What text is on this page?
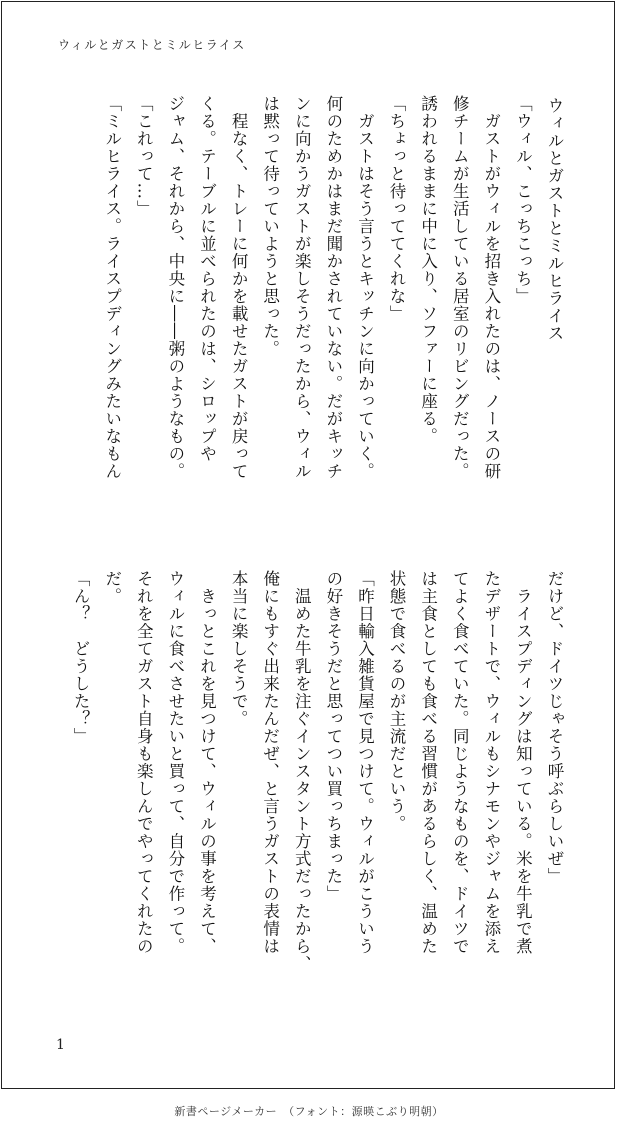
ウィルとガストとミルヒライス
ウィルとガストとミルヒライス
「ウィル、こっちこっち」
　ガストがウィルを招き入れたのは、ノースの研
修チームが生活している居室のリビングだった。
誘われるままに中に入り、ソファーに座る。
「ちょっと待っててくれな」
　ガストはそう言うとキッチンに向かっていく。
何のためかはまだ聞かされていない。だがキッチ
ンに向かうガストが楽しそうだったから、ウィル
は黙って待っていようと思った。
　程なく、トレーに何かを載せたガストが戻って
くる。テーブルに並べられたのは、シロップや
ジャム、それから、中央に――粥のようなもの。
「これって…」
「ミルヒライス。ライスプディングみたいなもん
だけど、ドイツじゃそう呼ぶらしいぜ」
　ライスプディングは知っている。米を牛乳で煮
たデザートで、ウィルもシナモンやジャムを添え
てよく食べていた。同じようなものを、ドイツで
は主食としても食べる習慣があるらしく、温めた
状態で食べるのが主流だという。
「昨日輸入雑貨屋で見つけて。ウィルがこういう
の好きそうだと思ってつい買っちまった」
　温めた牛乳を注ぐインスタント方式だったから、
俺にもすぐ出来たんだぜ、と言うガストの表情は
本当に楽しそうで。
　きっとこれを見つけて、ウィルの事を考えて、
ウィルに食べさせたいと買って、自分で作って。
それを全てガスト自身も楽しんでやってくれたの
だ。
「ん？　どうした？」
1
新書ページメーカー　（フォント：源暎こぶり明朝）
